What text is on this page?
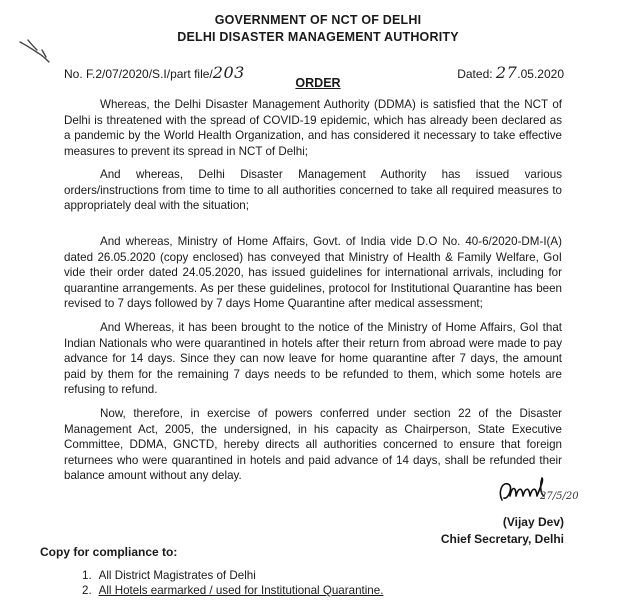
GOVERNMENT OF NCT OF DELHI
DELHI DISASTER MANAGEMENT AUTHORITY
No. F.2/07/2020/S.I/part file/203	Dated: 27.05.2020
ORDER

Whereas, the Delhi Disaster Management Authority (DDMA) is satisfied that the NCT of Delhi is threatened with the spread of COVID-19 epidemic, which has already been declared as a pandemic by the World Health Organization, and has considered it necessary to take effective measures to prevent its spread in NCT of Delhi;

And whereas, Delhi Disaster Management Authority has issued various orders/instructions from time to time to all authorities concerned to take all required measures to appropriately deal with the situation;

And whereas, Ministry of Home Affairs, Govt. of India vide D.O No. 40-6/2020-DM-I(A) dated 26.05.2020 (copy enclosed) has conveyed that Ministry of Health & Family Welfare, GoI vide their order dated 24.05.2020, has issued guidelines for international arrivals, including for quarantine arrangements. As per these guidelines, protocol for Institutional Quarantine has been revised to 7 days followed by 7 days Home Quarantine after medical assessment;

And Whereas, it has been brought to the notice of the Ministry of Home Affairs, GoI that Indian Nationals who were quarantined in hotels after their return from abroad were made to pay advance for 14 days. Since they can now leave for home quarantine after 7 days, the amount paid by them for the remaining 7 days needs to be refunded to them, which some hotels are refusing to refund.

Now, therefore, in exercise of powers conferred under section 22 of the Disaster Management Act, 2005, the undersigned, in his capacity as Chairperson, State Executive Committee, DDMA, GNCTD, hereby directs all authorities concerned to ensure that foreign returnees who were quarantined in hotels and paid advance of 14 days, shall be refunded their balance amount without any delay.

27/5/20
(Vijay Dev)
Chief Secretary, Delhi
Copy for compliance to:
1. All District Magistrates of Delhi
2. All Hotels earmarked / used for Institutional Quarantine.
